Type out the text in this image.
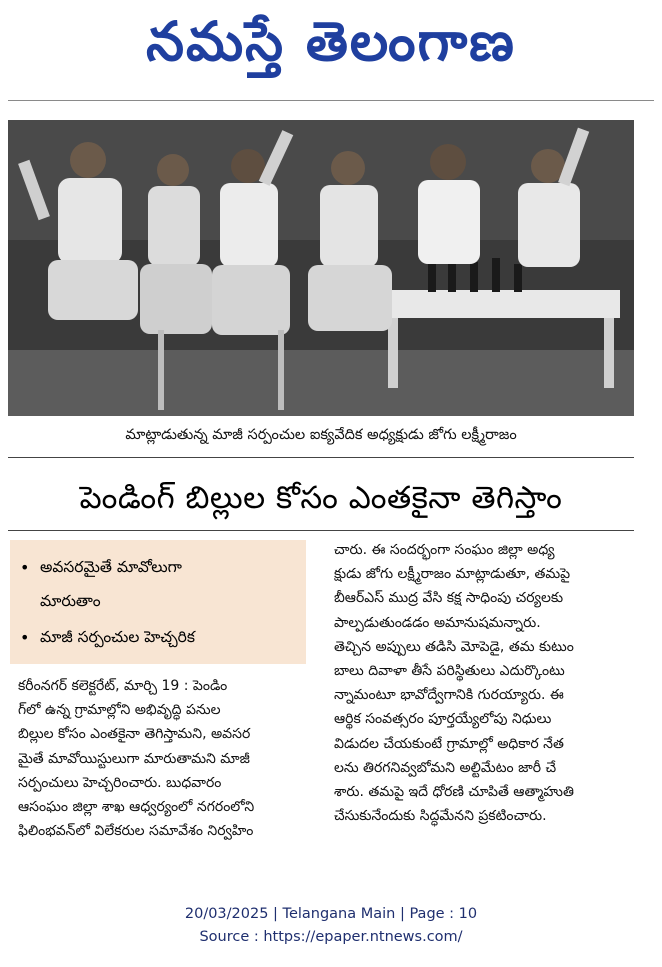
నమస్తే తెలంగాణ
మాట్లాడుతున్న మాజీ సర్పంచుల ఐక్యవేదిక అధ్యక్షుడు జోగు లక్ష్మీరాజం
పెండింగ్ బిల్లుల కోసం ఎంతకైనా తెగిస్తాం
• అవసరమైతే మావోలుగా
మారుతాం
• మాజీ సర్పంచుల హెచ్చరిక
కరీంనగర్ కలెక్టరేట్, మార్చి 19 : పెండిం
గ్‌లో ఉన్న గ్రామాల్లోని అభివృద్ధి పనుల
బిల్లుల కోసం ఎంతకైనా తెగిస్తామని, అవసర
మైతే మావోయిస్టులుగా మారుతామని మాజీ
సర్పంచులు హెచ్చరించారు. బుధవారం
ఆసంఘం జిల్లా శాఖ ఆధ్వర్యంలో నగరంలోని
ఫిలింభవన్‌లో విలేకరుల సమావేశం నిర్వహిం
చారు. ఈ సందర్భంగా సంఘం జిల్లా అధ్య
క్షుడు జోగు లక్ష్మీరాజం మాట్లాడుతూ, తమపై
బీఆర్‌ఎస్ ముద్ర వేసి కక్ష సాధింపు చర్యలకు
పాల్పడుతుండడం అమానుషమన్నారు.
తెచ్చిన అప్పులు తడిసి మోపెడై, తమ కుటుం
బాలు దివాళా తీసే పరిస్థితులు ఎదుర్కొంటు
న్నామంటూ భావోద్వేగానికి గురయ్యారు. ఈ
ఆర్థిక సంవత్సరం పూర్తయ్యేలోపు నిధులు
విడుదల చేయకుంటే గ్రామాల్లో అధికార నేత
లను తిరగనివ్వబోమని అల్టిమేటం జారీ చే
శారు. తమపై ఇదే ధోరణి చూపితే ఆత్మాహుతి
చేసుకునేందుకు సిద్ధమేనని ప్రకటించారు.
20/03/2025 | Telangana Main | Page : 10
Source : https://epaper.ntnews.com/
